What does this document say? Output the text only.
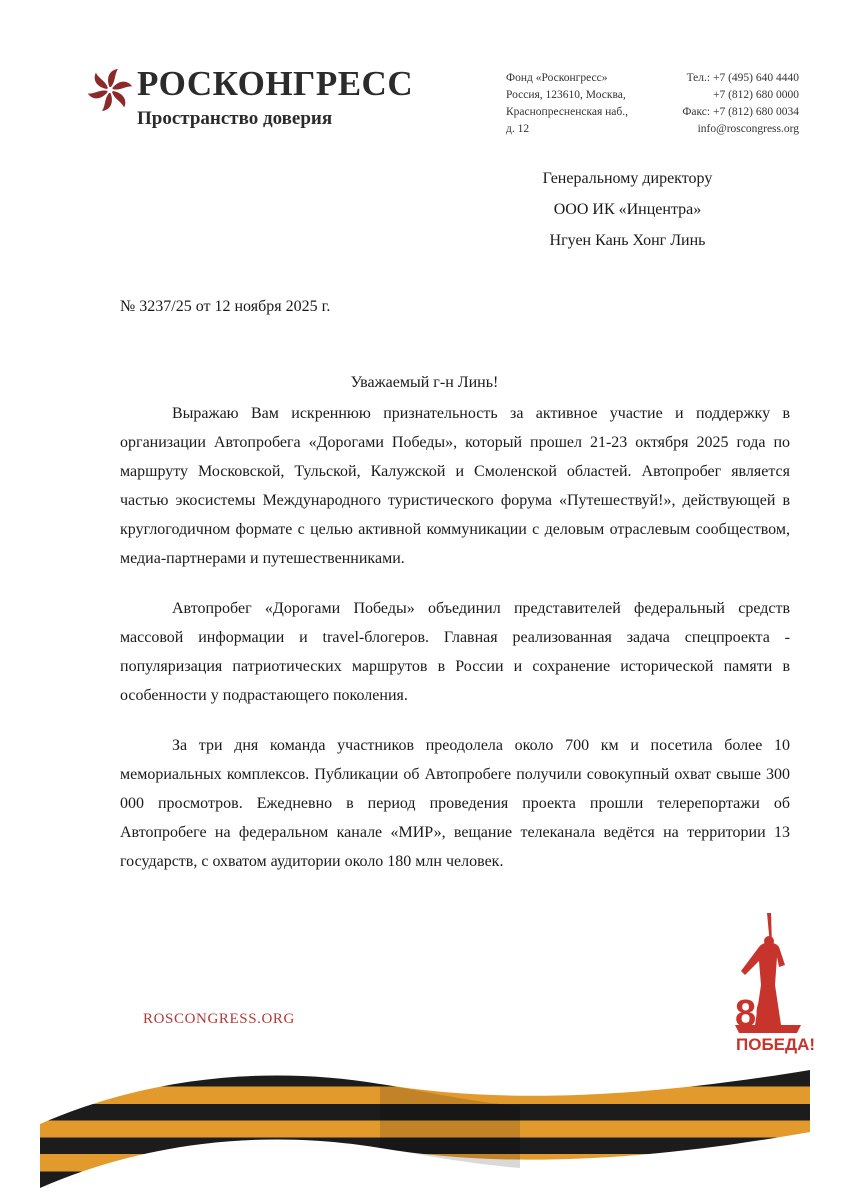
РОСКОНГРЕСС
Пространство доверия
Фонд «Росконгресс»
Россия, 123610, Москва,
Краснопресненская наб.,
д. 12
Тел.: +7 (495) 640 4440
+7 (812) 680 0000
Факс: +7 (812) 680 0034
info@roscongress.org
Генеральному директору
ООО ИК «Инцентра»
Нгуен Кань Хонг Линь
№ 3237/25 от 12 ноября 2025 г.
Уважаемый г-н Линь!

Выражаю Вам искреннюю признательность за активное участие и поддержку в организации Автопробега «Дорогами Победы», который прошел 21-23 октября 2025 года по маршруту Московской, Тульской, Калужской и Смоленской областей. Автопробег является частью экосистемы Международного туристического форума «Путешествуй!», действующей в круглогодичном формате с целью активной коммуникации с деловым отраслевым сообществом, медиа-партнерами и путешественниками.

Автопробег «Дорогами Победы» объединил представителей федеральный средств массовой информации и travel-блогеров. Главная реализованная задача спецпроекта - популяризация патриотических маршрутов в России и сохранение исторической памяти в особенности у подрастающего поколения.

За три дня команда участников преодолела около 700 км и посетила более 10 мемориальных комплексов. Публикации об Автопробеге получили совокупный охват свыше 300 000 просмотров. Ежедневно в период проведения проекта прошли телерепортажи об Автопробеге на федеральном канале «МИР», вещание телеканала ведётся на территории 13 государств, с охватом аудитории около 180 млн человек.

ROSCONGRESS.ORG	80
ПОБЕДА!
